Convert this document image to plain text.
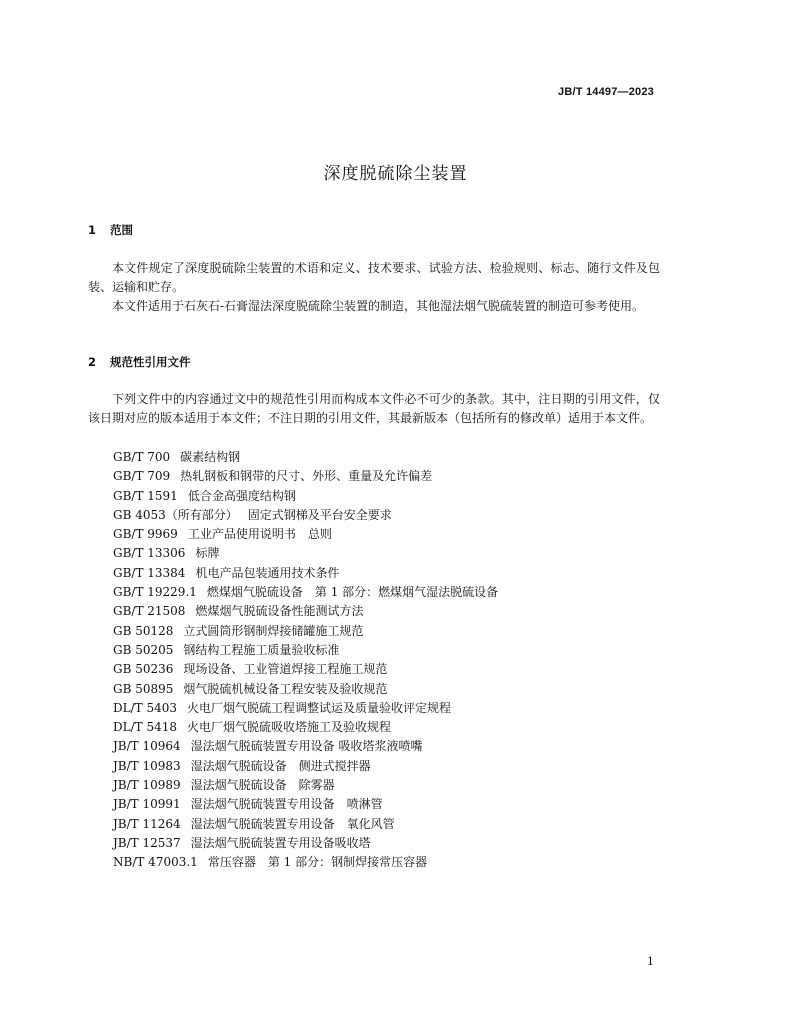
JB/T 14497—2023
深度脱硫除尘装置
1 范围
本文件规定了深度脱硫除尘装置的术语和定义、技术要求、试验方法、检验规则、标志、随行文件及包装、运输和贮存。
本文件适用于石灰石-石膏湿法深度脱硫除尘装置的制造，其他湿法烟气脱硫装置的制造可参考使用。
2 规范性引用文件
下列文件中的内容通过文中的规范性引用而构成本文件必不可少的条款。其中，注日期的引用文件，仅该日期对应的版本适用于本文件；不注日期的引用文件，其最新版本（包括所有的修改单）适用于本文件。
GB/T 700 碳素结构钢
GB/T 709 热轧钢板和钢带的尺寸、外形、重量及允许偏差
GB/T 1591 低合金高强度结构钢
GB 4053（所有部分） 固定式钢梯及平台安全要求
GB/T 9969 工业产品使用说明书　总则
GB/T 13306 标牌
GB/T 13384 机电产品包装通用技术条件
GB/T 19229.1 燃煤烟气脱硫设备　第 1 部分：燃煤烟气湿法脱硫设备
GB/T 21508 燃煤烟气脱硫设备性能测试方法
GB 50128 立式圆筒形钢制焊接储罐施工规范
GB 50205 钢结构工程施工质量验收标准
GB 50236 现场设备、工业管道焊接工程施工规范
GB 50895 烟气脱硫机械设备工程安装及验收规范
DL/T 5403 火电厂烟气脱硫工程调整试运及质量验收评定规程
DL/T 5418 火电厂烟气脱硫吸收塔施工及验收规程
JB/T 10964 湿法烟气脱硫装置专用设备 吸收塔浆液喷嘴
JB/T 10983 湿法烟气脱硫设备　侧进式搅拌器
JB/T 10989 湿法烟气脱硫设备　除雾器
JB/T 10991 湿法烟气脱硫装置专用设备　喷淋管
JB/T 11264 湿法烟气脱硫装置专用设备　氧化风管
JB/T 12537 湿法烟气脱硫装置专用设备吸收塔
NB/T 47003.1 常压容器　第 1 部分：钢制焊接常压容器
1
